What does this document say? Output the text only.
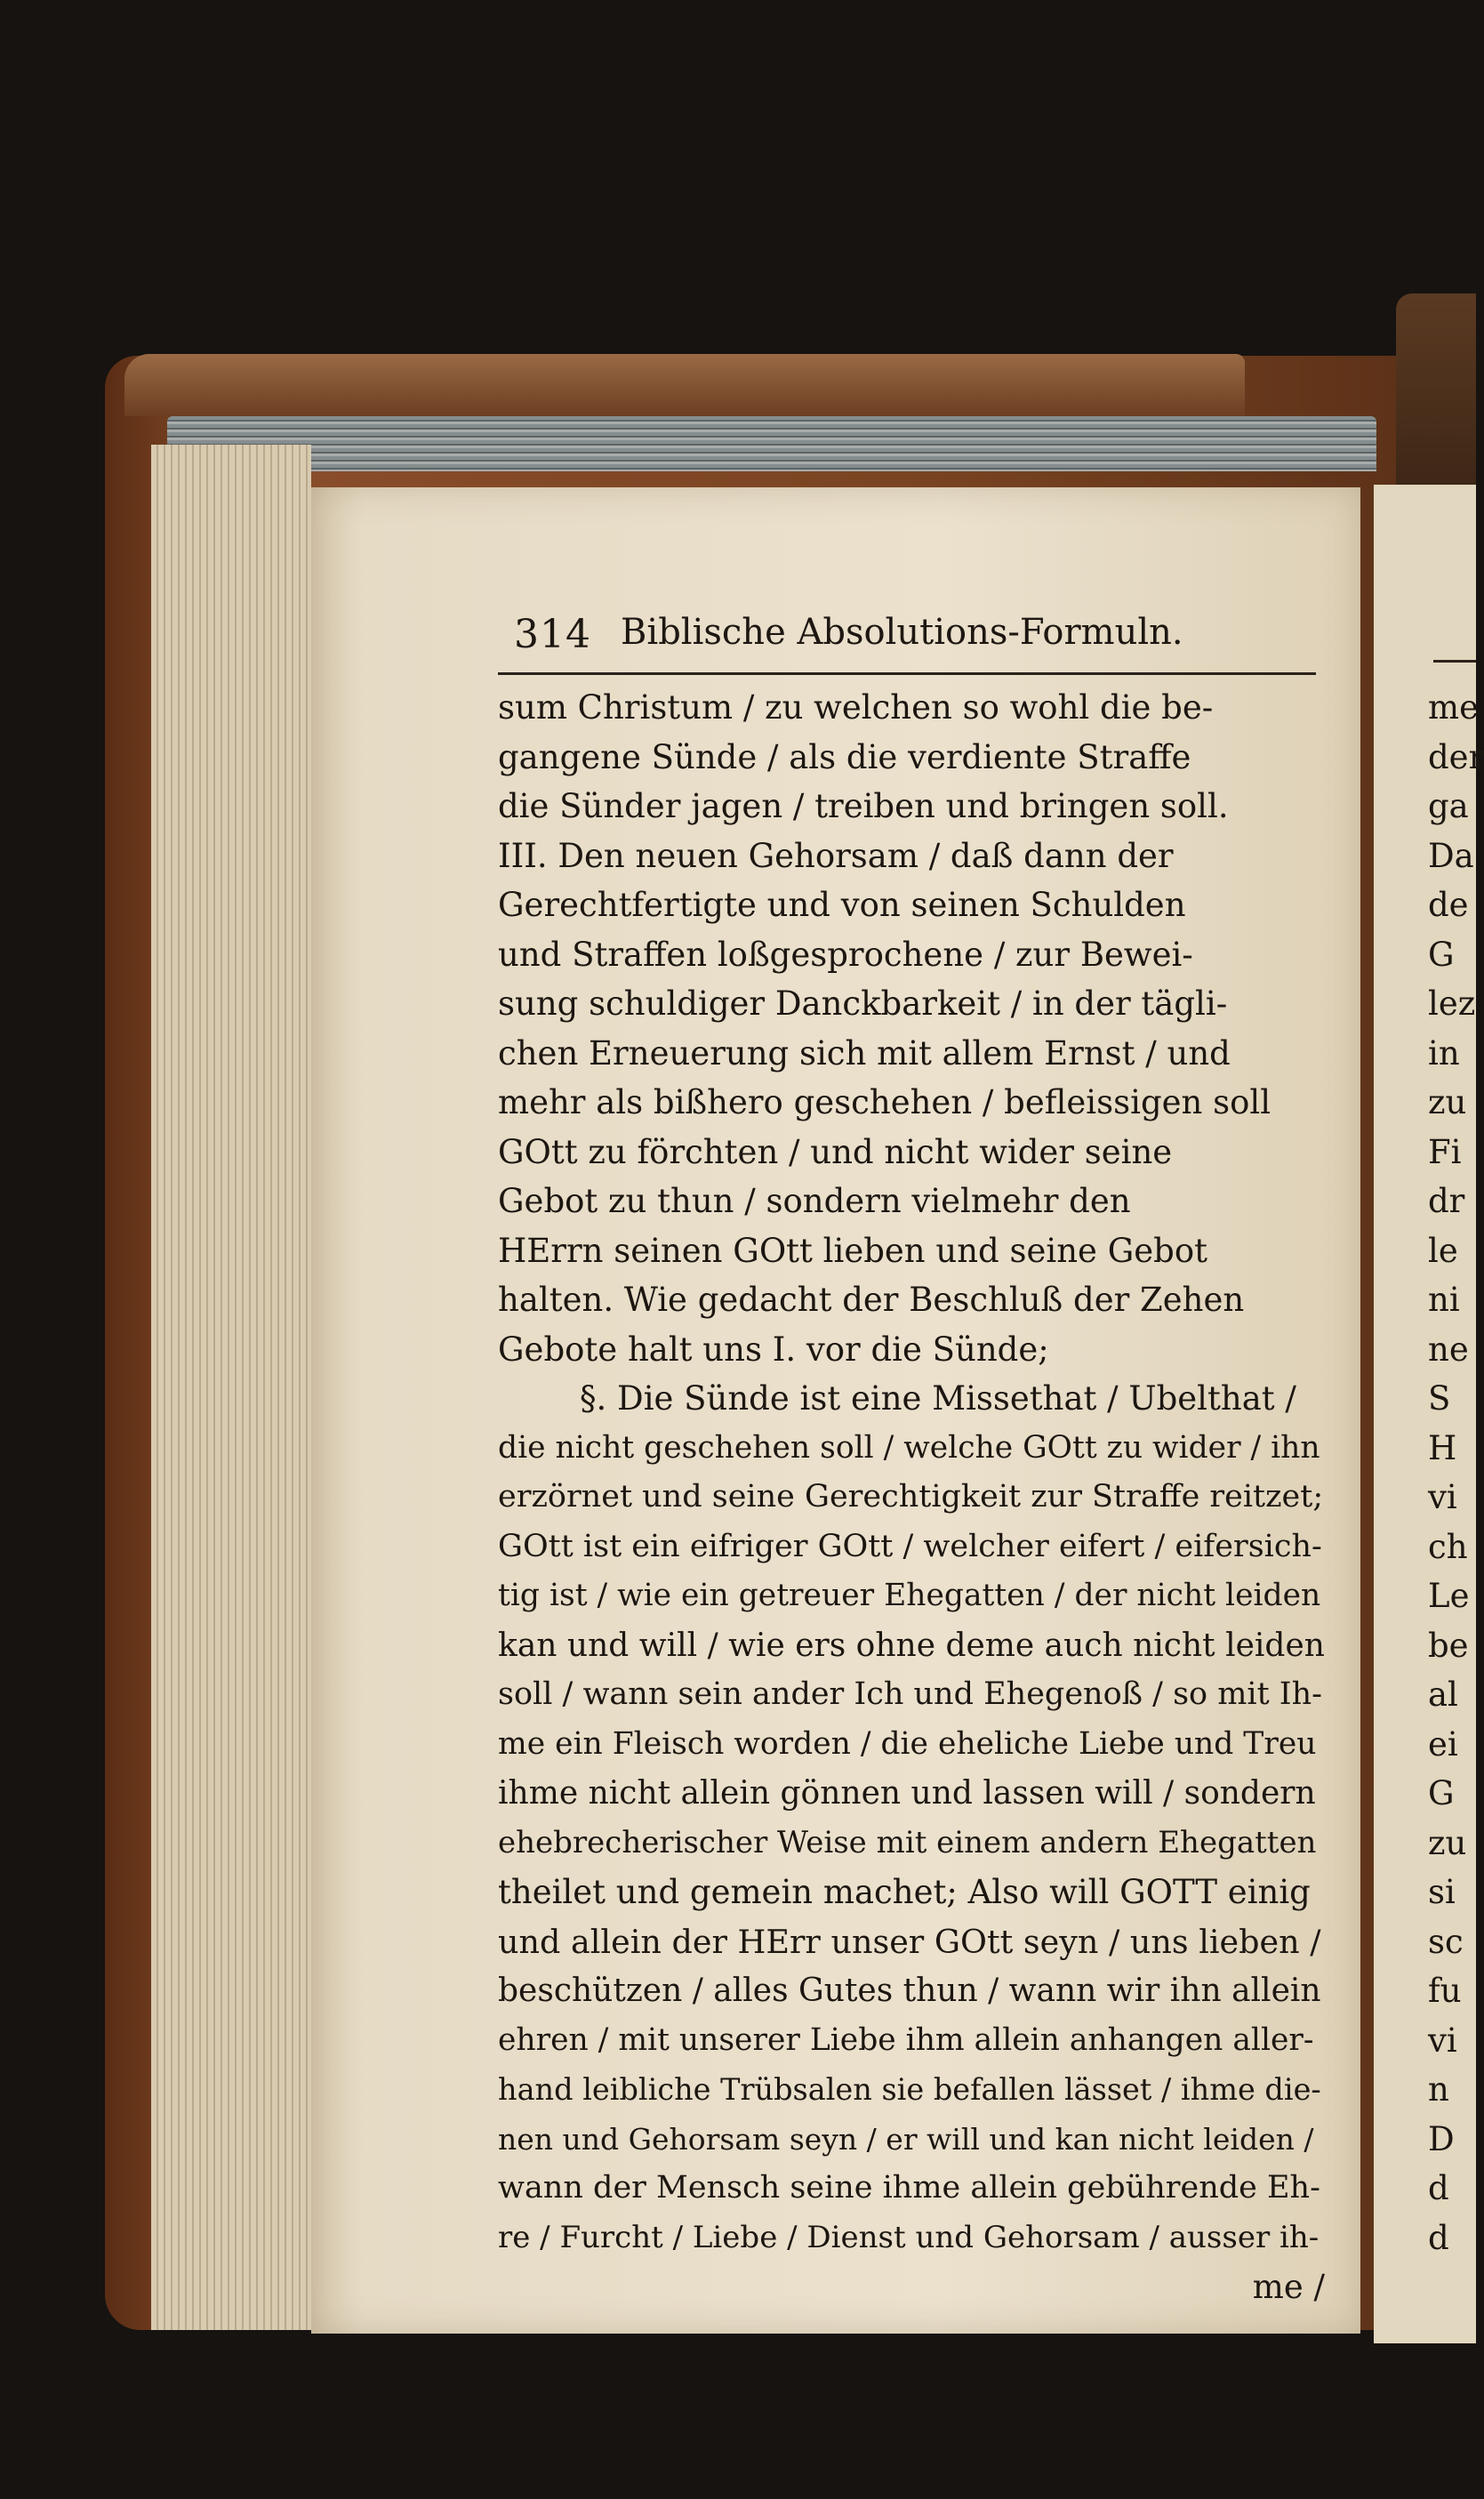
314 Biblische Absolutions-Formuln.
sum Christum / zu welchen so wohl die be-
gangene Sünde / als die verdiente Straffe
die Sünder jagen / treiben und bringen soll.
III. Den neuen Gehorsam / daß dann der
Gerechtfertigte und von seinen Schulden
und Straffen loßgesprochene / zur Bewei-
sung schuldiger Danckbarkeit / in der tägli-
chen Erneuerung sich mit allem Ernst / und
mehr als bißhero geschehen / befleissigen soll
GOtt zu förchten / und nicht wider seine
Gebot zu thun / sondern vielmehr den
HErrn seinen GOtt lieben und seine Gebot
halten. Wie gedacht der Beschluß der Zehen
Gebote halt uns I. vor die Sünde;
§. Die Sünde ist eine Missethat / Ubelthat /
die nicht geschehen soll / welche GOtt zu wider / ihn
erzörnet und seine Gerechtigkeit zur Straffe reitzet;
GOtt ist ein eifriger GOtt / welcher eifert / eifersich-
tig ist / wie ein getreuer Ehegatten / der nicht leiden
kan und will / wie ers ohne deme auch nicht leiden
soll / wann sein ander Ich und Ehegenoß / so mit Ih-
me ein Fleisch worden / die eheliche Liebe und Treu
ihme nicht allein gönnen und lassen will / sondern
ehebrecherischer Weise mit einem andern Ehegatten
theilet und gemein machet; Also will GOTT einig
und allein der HErr unser GOtt seyn / uns lieben /
beschützen / alles Gutes thun / wann wir ihn allein
ehren / mit unserer Liebe ihm allein anhangen aller-
hand leibliche Trübsalen sie befallen lässet / ihme die-
nen und Gehorsam seyn / er will und kan nicht leiden /
wann der Mensch seine ihme allein gebührende Eh-
re / Furcht / Liebe / Dienst und Gehorsam / ausser ih-
me /
me
der
ga
Da
de
G
lez
in
zu
Fi
dr
le
ni
ne
S
H
vi
ch
Le
be
al
ei
G
zu
si
sc
fu
vi
n
D
d
d
